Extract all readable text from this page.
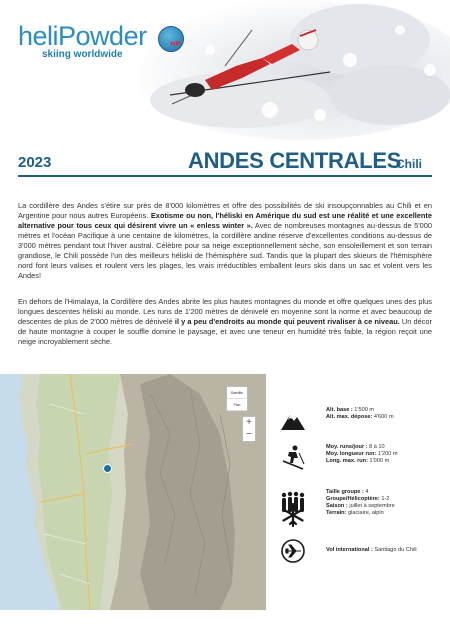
heliPowder
skiing worldwide
HP
2023	ANDES CENTRALES
Chili

La cordillère des Andes s'étire sur près de 8'000 kilomètres et offre des possibilités de ski insoupçonnables au Chili et en Argentine pour nous autres Européens. Exotisme ou non, l'héliski en Amérique du sud est une réalité et une excellente alternative pour tous ceux qui désirent vivre un « enless winter ». Avec de nombreuses montagnes au-dessus de 5'000 mètres et l'océan Pacifique à une centaine de kilomètres, la cordillère andine réserve d'excellentes conditions au-dessus de 3'000 mètres pendant tout l'hiver austral. Célèbre pour sa neige exceptionnellement sèche, son ensoleillement et son terrain grandiose, le Chili possède l'un des meilleurs héliski de l'hémisphère sud. Tandis que la plupart des skieurs de l'hémisphère nord font leurs valises et roulent vers les plages, les vrais irréductibles emballent leurs skis dans un sac et volent vers les Andes!

En dehors de l'Himalaya, la Cordillère des Andes abrite les plus hautes montagnes du monde et offre quelques unes des plus longues descentes héliski au monde. Les runs de 1'200 mètres de dénivelé en moyenne sont la norme et avec beaucoup de descentes de plus de 2'000 mètres de dénivelé il y a peu d'endroits au monde qui peuvent rivaliser à ce niveau. Un décor de haute montagne à couper le souffle domine le paysage, et avec une teneur en humidité très faible, la région reçoit une neige incroyablement sèche.

Satellite
Plan
+
−
Alt. base : 1'500 m
Alt. max. dépose: 4'600 m
Moy. runs/jour : 8 à 10
Moy. longueur run: 1'200 m
Long. max. run: 1'000 m
Taille groupe : 4
Groupe/Hélicoptère: 1-2
Saison : juillet à septembre
Terrain: glaciaire, alpin
Vol international : Santiago du Chili
